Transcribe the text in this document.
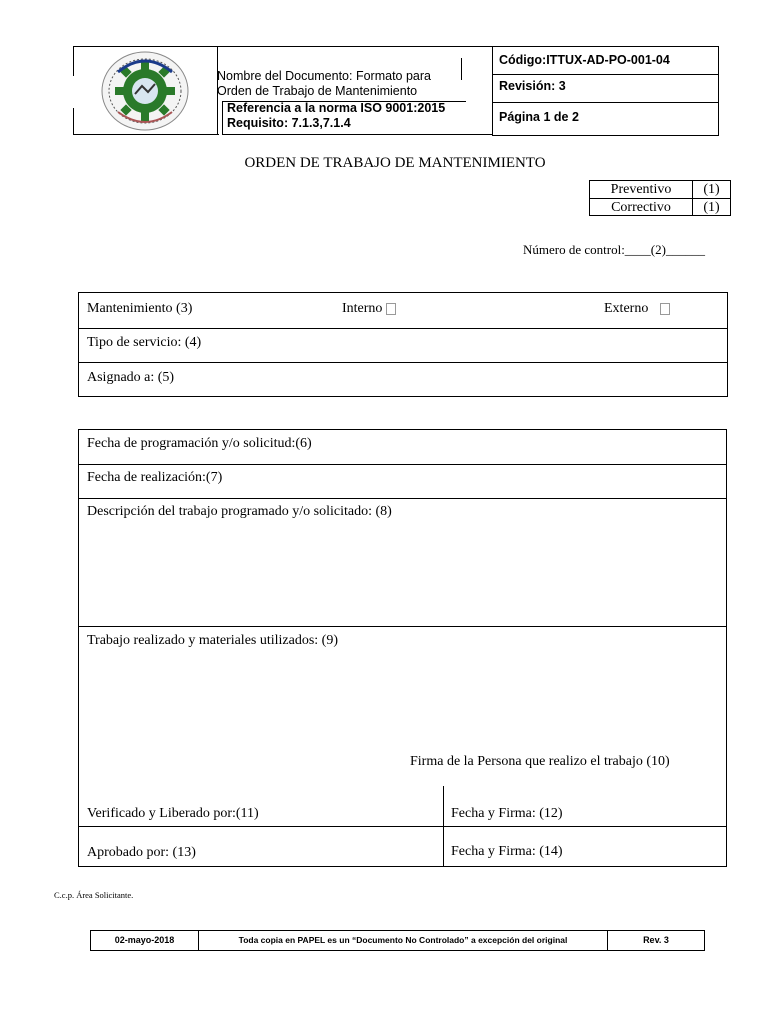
Nombre del Documento: Formato para
Orden de Trabajo de Mantenimiento
Referencia a la norma ISO 9001:2015
Requisito: 7.1.3,7.1.4
Código:ITTUX-AD-PO-001-04
Revisión: 3
Página 1 de 2
ORDEN DE TRABAJO DE MANTENIMIENTO
Preventivo	(1)
Correctivo	(1)
Número de control:____(2)______
Mantenimiento (3)	Interno	Externo
Tipo de servicio: (4)
Asignado a: (5)
Fecha de programación y/o solicitud:(6)
Fecha de realización:(7)
Descripción del trabajo programado y/o solicitado: (8)
Trabajo realizado y materiales utilizados: (9)
Firma de la Persona que realizo el trabajo (10)
Verificado y Liberado por:(11)	Fecha y Firma: (12)
Aprobado por: (13)	Fecha y Firma: (14)
C.c.p. Área Solicitante.
02-mayo-2018	Toda copia en PAPEL es un “Documento No Controlado” a excepción del original	Rev. 3
